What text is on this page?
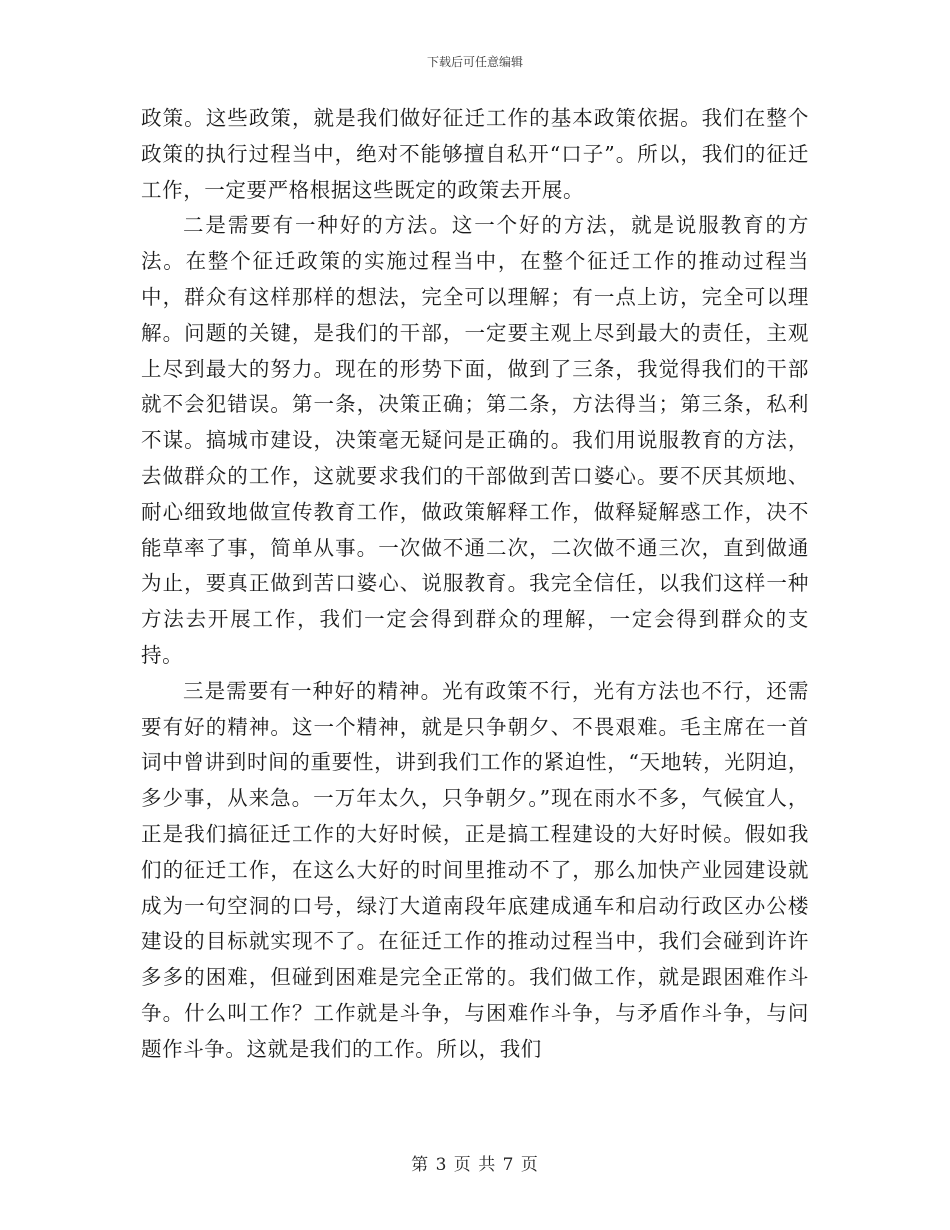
下载后可任意编辑

政策。这些政策，就是我们做好征迁工作的基本政策依据。我们在整个政策的执行过程当中，绝对不能够擅自私开“口子”。所以，我们的征迁工作，一定要严格根据这些既定的政策去开展。

二是需要有一种好的方法。这一个好的方法，就是说服教育的方法。在整个征迁政策的实施过程当中，在整个征迁工作的推动过程当中，群众有这样那样的想法，完全可以理解；有一点上访，完全可以理解。问题的关键，是我们的干部，一定要主观上尽到最大的责任，主观上尽到最大的努力。现在的形势下面，做到了三条，我觉得我们的干部就不会犯错误。第一条，决策正确；第二条，方法得当；第三条，私利不谋。搞城市建设，决策毫无疑问是正确的。我们用说服教育的方法，去做群众的工作，这就要求我们的干部做到苦口婆心。要不厌其烦地、耐心细致地做宣传教育工作，做政策解释工作，做释疑解惑工作，决不能草率了事，简单从事。一次做不通二次，二次做不通三次，直到做通为止，要真正做到苦口婆心、说服教育。我完全信任，以我们这样一种方法去开展工作，我们一定会得到群众的理解，一定会得到群众的支持。

三是需要有一种好的精神。光有政策不行，光有方法也不行，还需要有好的精神。这一个精神，就是只争朝夕、不畏艰难。毛主席在一首词中曾讲到时间的重要性，讲到我们工作的紧迫性，“天地转，光阴迫，多少事，从来急。一万年太久，只争朝夕。”现在雨水不多，气候宜人，正是我们搞征迁工作的大好时候，正是搞工程建设的大好时候。假如我们的征迁工作，在这么大好的时间里推动不了，那么加快产业园建设就成为一句空洞的口号，绿汀大道南段年底建成通车和启动行政区办公楼建设的目标就实现不了。在征迁工作的推动过程当中，我们会碰到许许多多的困难，但碰到困难是完全正常的。我们做工作，就是跟困难作斗争。什么叫工作？工作就是斗争，与困难作斗争，与矛盾作斗争，与问题作斗争。这就是我们的工作。所以，我们

第 3 页 共 7 页
